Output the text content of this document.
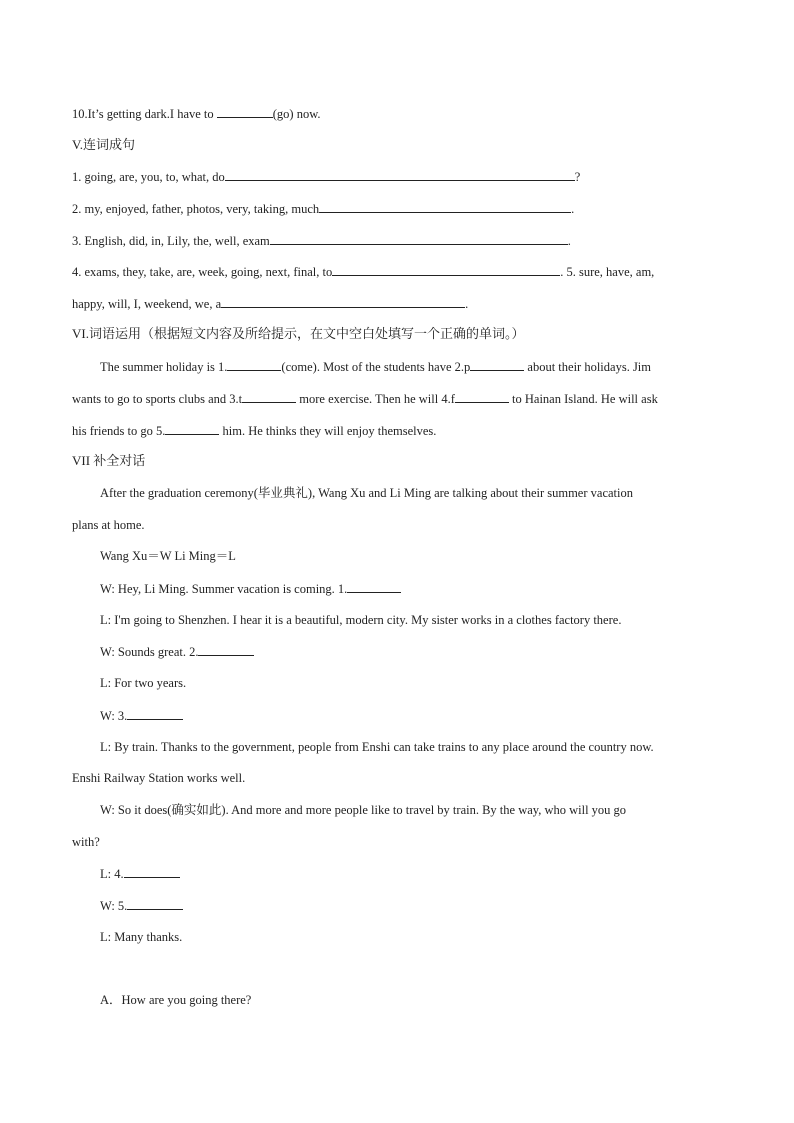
10.It’s getting dark.I have to	(go) now.
V.连词成句
1. going, are, you, to, what, do	?
2. my, enjoyed, father, photos, very, taking, much	.
3. English, did, in, Lily, the, well, exam	.
4. exams, they, take, are, week, going, next, final, to	. 5. sure, have, am,
happy, will, I, weekend, we, a	.
VI.词语运用（根据短文内容及所给提示，在文中空白处填写一个正确的单词。）
The summer holiday is 1.	(come). Most of the students have 2.p	about their holidays. Jim
wants to go to sports clubs and 3.t	more exercise. Then he will 4.f	to Hainan Island. He will ask
his friends to go 5.	him. He thinks they will enjoy themselves.
VII 补全对话
After the graduation ceremony(毕业典礼), Wang Xu and Li Ming are talking about their summer vacation
plans at home.
Wang Xu＝W Li Ming＝L
W: Hey, Li Ming. Summer vacation is coming. 1.
L: I'm going to Shenzhen. I hear it is a beautiful, modern city. My sister works in a clothes factory there.
W: Sounds great. 2.
L: For two years.
W: 3.
L: By train. Thanks to the government, people from Enshi can take trains to any place around the country now.
Enshi Railway Station works well.
W: So it does(确实如此). And more and more people like to travel by train. By the way, who will you go
with?
L: 4.
W: 5.
L: Many thanks.
A．How are you going there?
